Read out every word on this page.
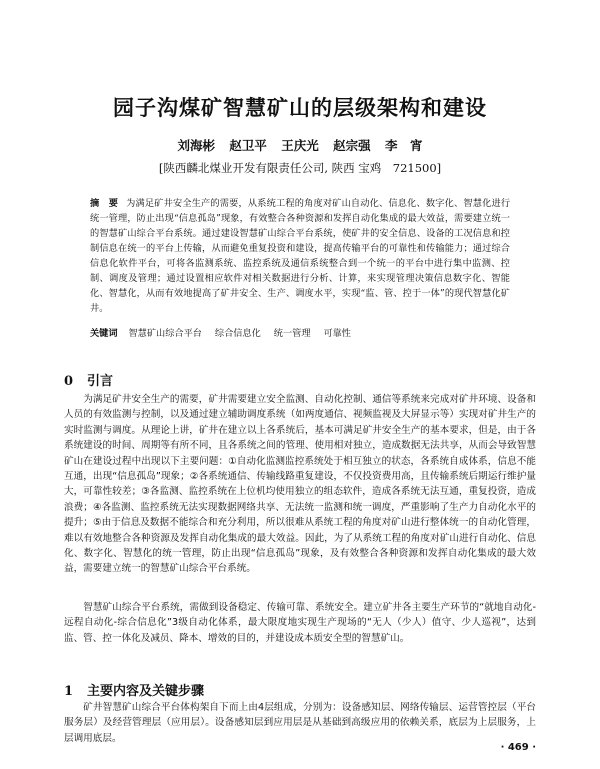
园子沟煤矿智慧矿山的层级架构和建设
刘海彬 赵卫平 王庆光 赵宗强 李　宵
[陕西麟北煤业开发有限责任公司, 陕西 宝鸡　721500]
摘　要 为满足矿井安全生产的需要，从系统工程的角度对矿山自动化、信息化、数字化、智慧化进行统一管理，防止出现“信息孤岛”现象，有效整合各种资源和发挥自动化集成的最大效益，需要建立统一的智慧矿山综合平台系统。通过建设智慧矿山综合平台系统，使矿井的安全信息、设备的工况信息和控制信息在统一的平台上传输，从而避免重复投资和建设，提高传输平台的可靠性和传输能力；通过综合信息化软件平台，可将各监测系统、监控系统及通信系统整合到一个统一的平台中进行集中监测、控制、调度及管理；通过设置相应软件对相关数据进行分析、计算，来实现管理决策信息数字化、智能化、智慧化，从而有效地提高了矿井安全、生产、调度水平，实现“监、管、控于一体”的现代智慧化矿井。
关键词 智慧矿山综合平台 综合信息化 统一管理 可靠性
0 引言

为满足矿井安全生产的需要，矿井需要建立安全监测、自动化控制、通信等系统来完成对矿井环境、设备和人员的有效监测与控制，以及通过建立辅助调度系统（如两度通信、视频监视及大屏显示等）实现对矿井生产的实时监测与调度。从理论上讲，矿井在建立以上各系统后，基本可满足矿井安全生产的基本要求，但是，由于各系统建设的时间、周期等有所不同，且各系统之间的管理、使用相对独立，造成数据无法共享，从而会导致智慧矿山在建设过程中出现以下主要问题：①自动化监测监控系统处于相互独立的状态，各系统自成体系，信息不能互通，出现“信息孤岛”现象；②各系统通信、传输线路重复建设，不仅投资费用高，且传输系统后期运行维护量大，可靠性较差；③各监测、监控系统在上位机均使用独立的组态软件，造成各系统无法互通，重复投资，造成浪费；④各监测、监控系统无法实现数据网络共享、无法统一监测和统一调度，严重影响了生产力自动化水平的提升；⑤由于信息及数据不能综合和充分利用，所以很难从系统工程的角度对矿山进行整体统一的自动化管理，难以有效地整合各种资源及发挥自动化集成的最大效益。因此，为了从系统工程的角度对矿山进行自动化、信息化、数字化、智慧化的统一管理，防止出现“信息孤岛”现象，及有效整合各种资源和发挥自动化集成的最大效益，需要建立统一的智慧矿山综合平台系统。

智慧矿山综合平台系统，需做到设备稳定、传输可靠、系统安全。建立矿井各主要生产环节的“就地自动化-远程自动化-综合信息化”3级自动化体系，最大限度地实现生产现场的“无人（少人）值守、少人巡视”，达到监、管、控一体化及减员、降本、增效的目的，并建设成本质安全型的智慧矿山。

1 主要内容及关键步骤

矿井智慧矿山综合平台体构架自下而上由4层组成，分别为：设备感知层、网络传输层、运营管控层（平台服务层）及经营管理层（应用层）。设备感知层到应用层是从基础到高级应用的依赖关系，底层为上层服务，上层调用底层。

· 469 ·
